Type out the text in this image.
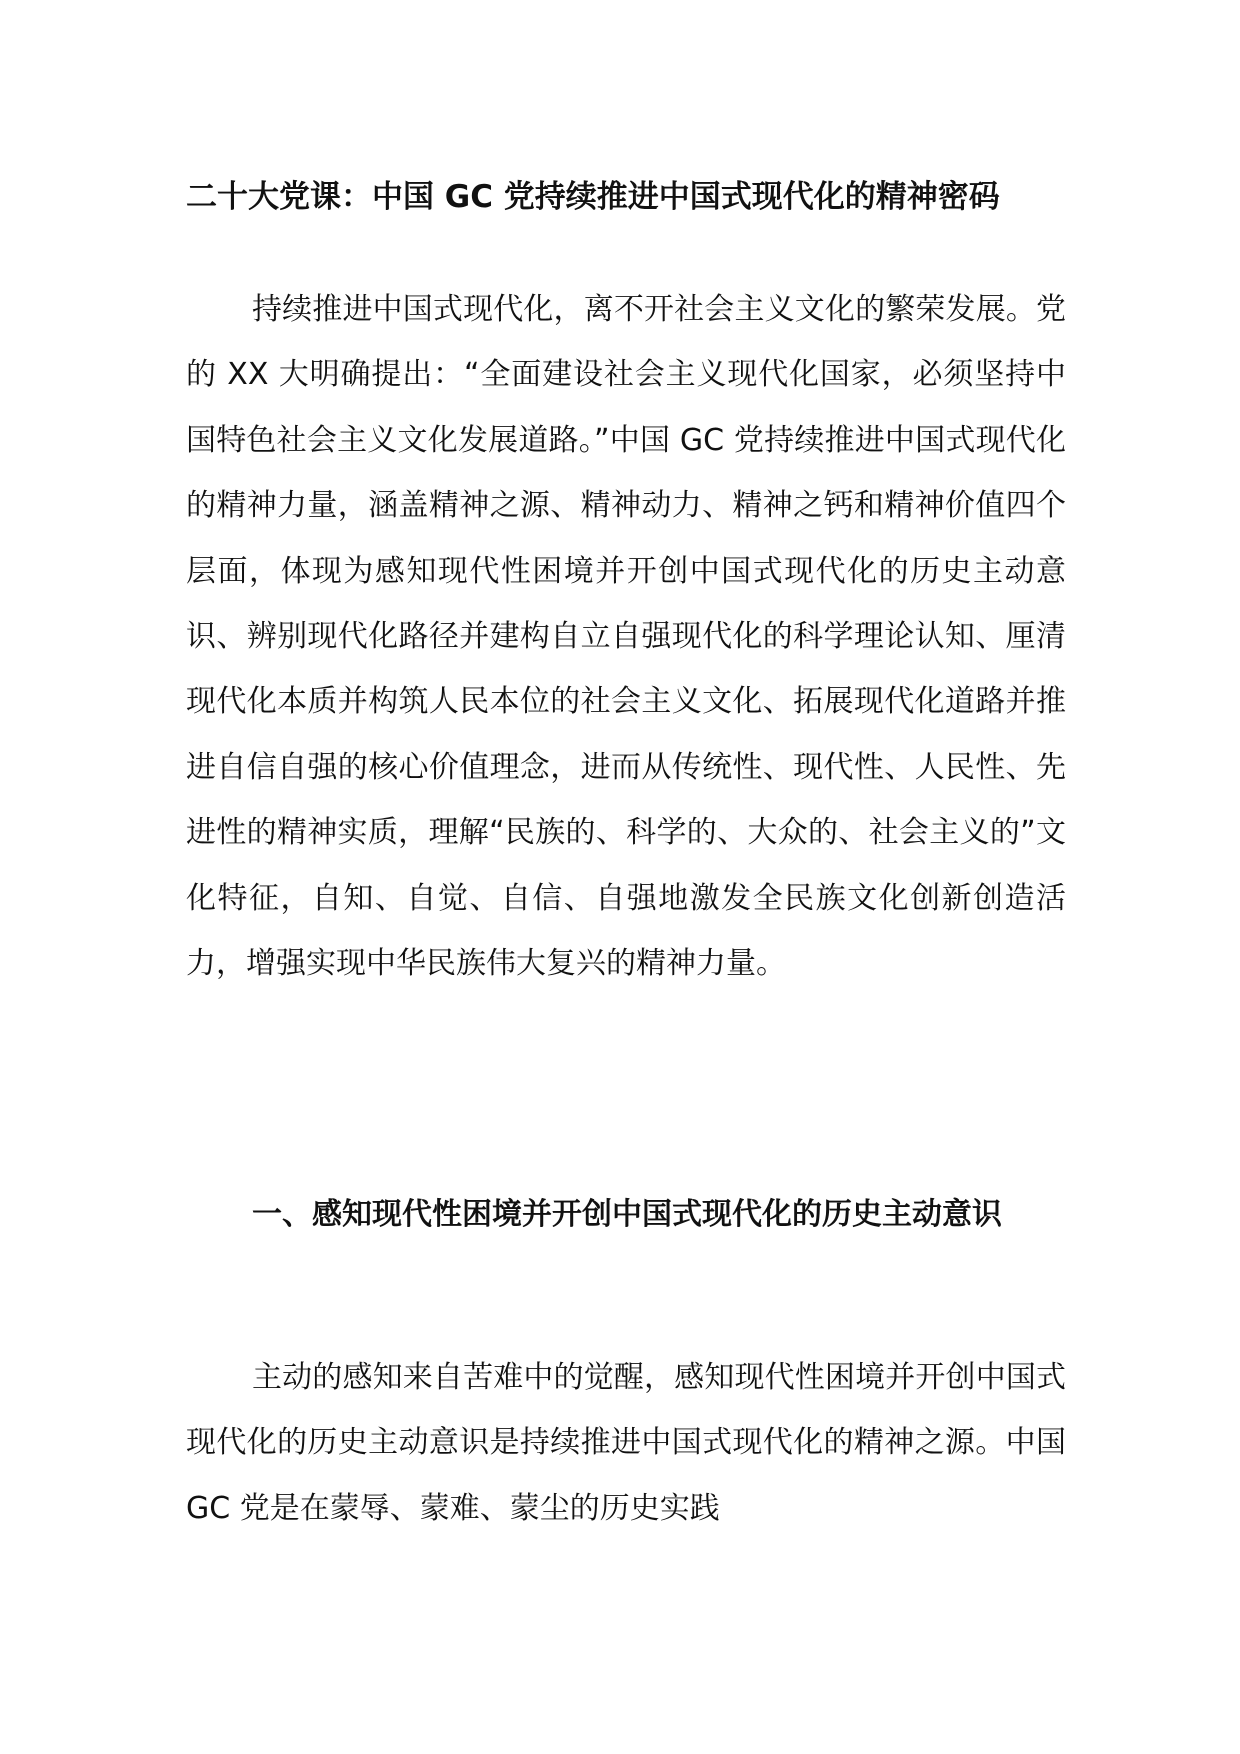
二十大党课：中国 GC 党持续推进中国式现代化的精神密码

持续推进中国式现代化，离不开社会主义文化的繁荣发展。党的 XX 大明确提出：“全面建设社会主义现代化国家，必须坚持中国特色社会主义文化发展道路。”中国 GC 党持续推进中国式现代化的精神力量，涵盖精神之源、精神动力、精神之钙和精神价值四个层面，体现为感知现代性困境并开创中国式现代化的历史主动意识、辨别现代化路径并建构自立自强现代化的科学理论认知、厘清现代化本质并构筑人民本位的社会主义文化、拓展现代化道路并推进自信自强的核心价值理念，进而从传统性、现代性、人民性、先进性的精神实质，理解“民族的、科学的、大众的、社会主义的”文化特征，自知、自觉、自信、自强地激发全民族文化创新创造活力，增强实现中华民族伟大复兴的精神力量。

一、感知现代性困境并开创中国式现代化的历史主动意识

主动的感知来自苦难中的觉醒，感知现代性困境并开创中国式现代化的历史主动意识是持续推进中国式现代化的精神之源。中国 GC 党是在蒙辱、蒙难、蒙尘的历史实践
